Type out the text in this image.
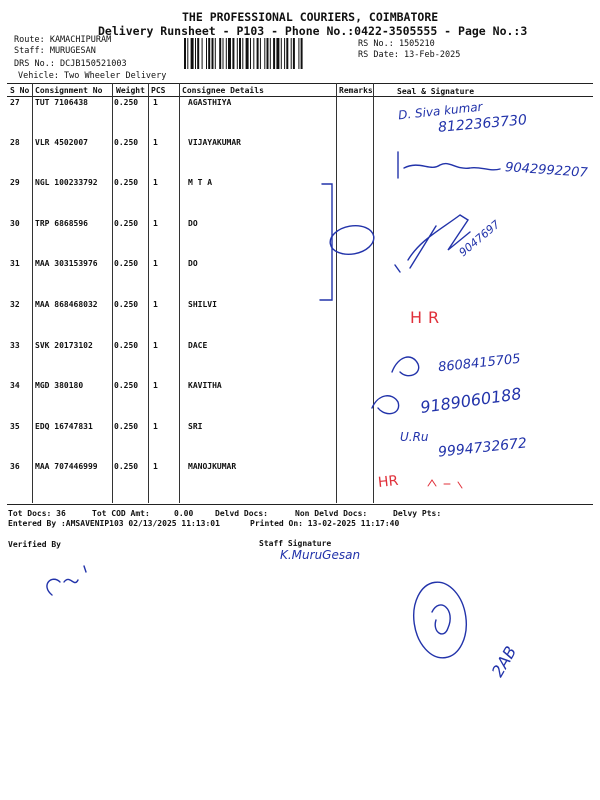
THE PROFESSIONAL COURIERS, COIMBATORE
Delivery Runsheet - P103 - Phone No.:0422-3505555 - Page No.:3
Route: KAMACHIPURAM
Staff: MURUGESAN
DRS No.: DCJB150521003
Vehicle: Two Wheeler Delivery
RS No.: 1505210
RS Date: 13-Feb-2025
S No Consignment No Weight PCS Consignee Details	Remarks	Seal & Signature
27 TUT 7106438	0.250 1	AGASTHIYA
28 VLR 4502007	0.250 1	VIJAYAKUMAR
29 NGL 100233792 0.250 1	M T A
30 TRP 6868596	0.250 1	DO
31 MAA 303153976 0.250 1	DO
32 MAA 868468032 0.250 1	SHILVI
33 SVK 20173102	0.250 1	DACE
34 MGD 380180	0.250 1	KAVITHA
35 EDQ 16747831	0.250 1	SRI
36 MAA 707446999 0.250 1	MANOJKUMAR
Tot Docs: 36	Tot COD Amt:	0.00	Delvd Docs:	Non Delvd Docs:	Delvy Pts:
Entered By :AMSAVENIP103 02/13/2025 11:13:01	Printed On: 13-02-2025 11:17:40
Verified By	Staff Signature
D. Siva kumar
8122363730
9042992207
9047697
HR
8608415705
9189060188
U.Ru 9994732672
HR
K.MuruGesan
2AB
